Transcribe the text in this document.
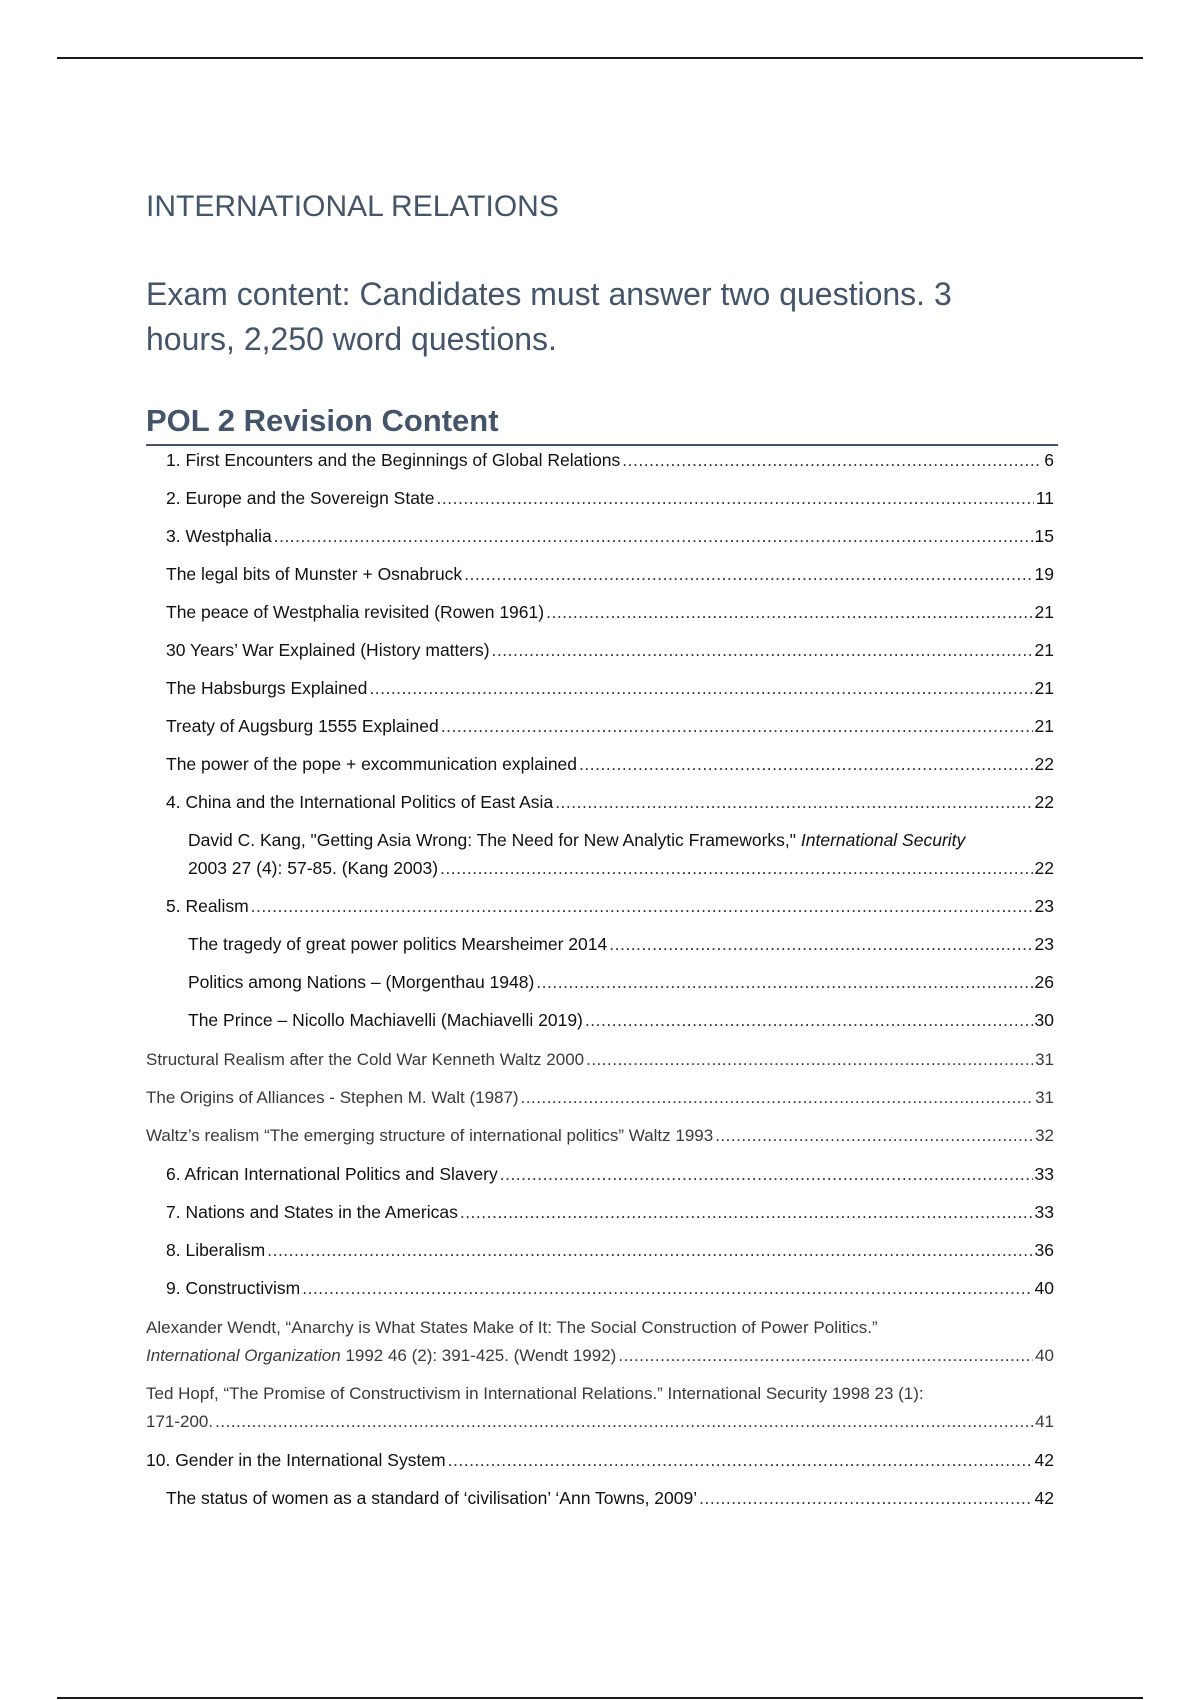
INTERNATIONAL RELATIONS

Exam content: Candidates must answer two questions. 3
hours, 2,250 word questions.

POL 2 Revision Content
1. First Encounters and the Beginnings of Global Relations .....	6
2. Europe and the Sovereign State .....	11
3. Westphalia .....	15
The legal bits of Munster + Osnabruck .....	19
The peace of Westphalia revisited (Rowen 1961) .....	21
30 Years’ War Explained (History matters) .....	21
The Habsburgs Explained .....	21
Treaty of Augsburg 1555 Explained .....	21
The power of the pope + excommunication explained .....	22
4. China and the International Politics of East Asia .....	22
David C. Kang, "Getting Asia Wrong: The Need for New Analytic Frameworks," International Security
2003 27 (4): 57-85. (Kang 2003) .....	22
5. Realism .....	23
The tragedy of great power politics Mearsheimer 2014 .....	23
Politics among Nations – (Morgenthau 1948) .....	26
The Prince – Nicollo Machiavelli (Machiavelli 2019) .....	30
Structural Realism after the Cold War Kenneth Waltz 2000 .....	31
The Origins of Alliances - Stephen M. Walt (1987) .....	31
Waltz’s realism “The emerging structure of international politics” Waltz 1993 .....	32
6. African International Politics and Slavery .....	33
7. Nations and States in the Americas .....	33
8. Liberalism .....	36
9. Constructivism .....	40
Alexander Wendt, “Anarchy is What States Make of It: The Social Construction of Power Politics.”
International Organization 1992 46 (2): 391-425. (Wendt 1992) .....	40
Ted Hopf, “The Promise of Constructivism in International Relations.” International Security 1998 23 (1):
171-200. .....	41
10. Gender in the International System .....	42
The status of women as a standard of ‘civilisation’ ‘Ann Towns, 2009’ .....	42
